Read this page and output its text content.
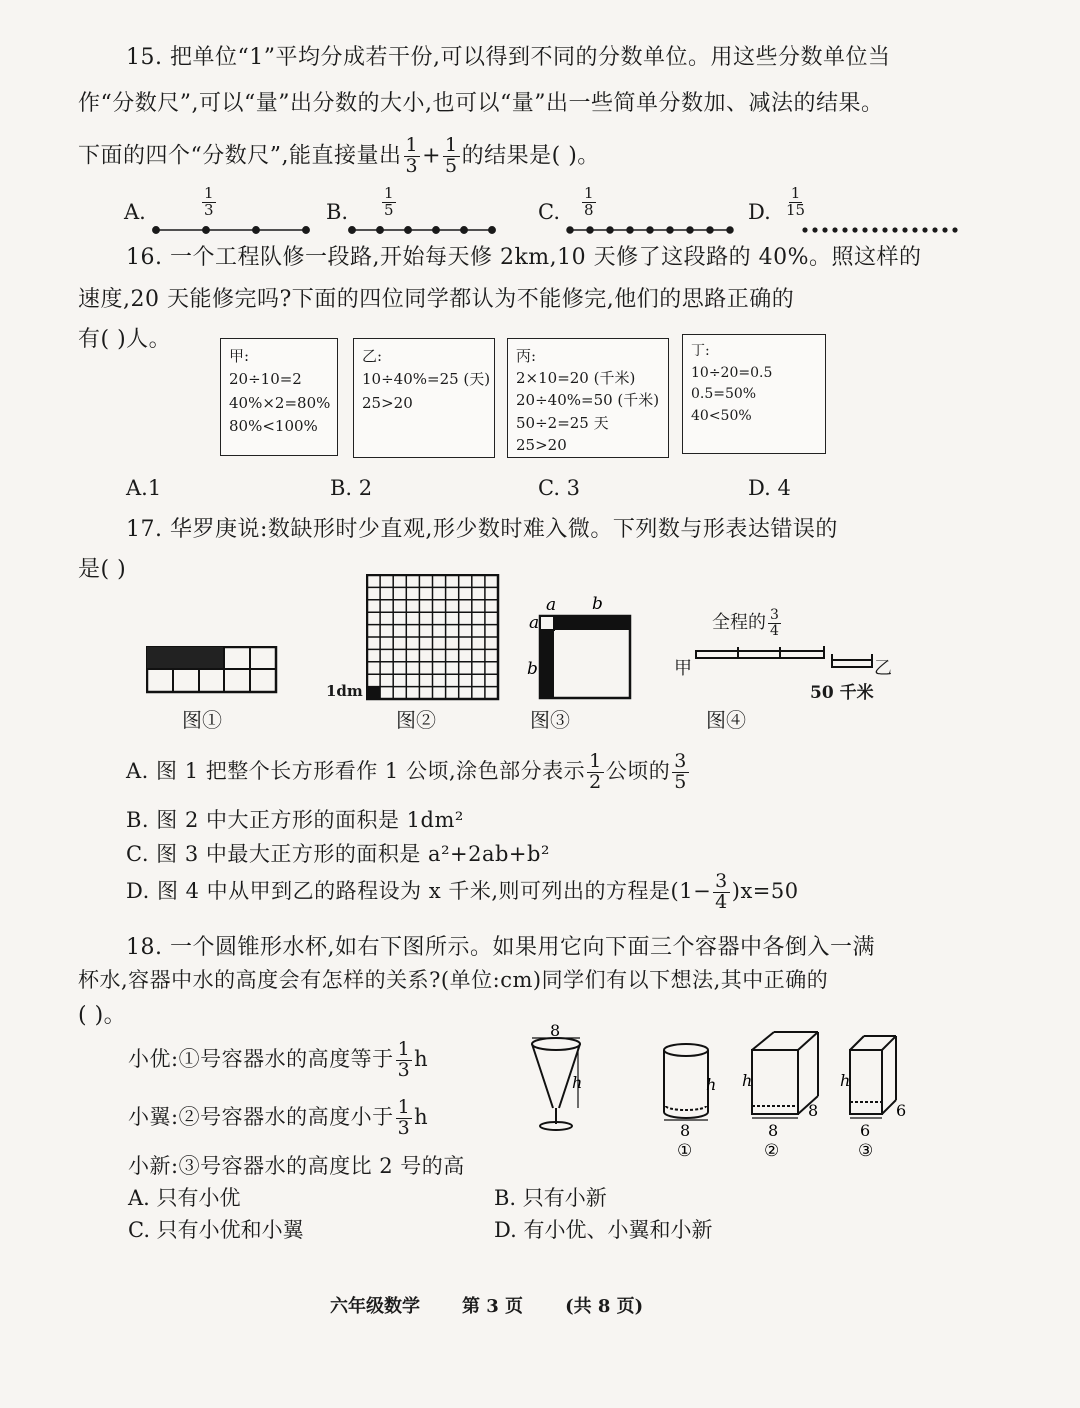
15. 把单位“1”平均分成若干份,可以得到不同的分数单位。用这些分数单位当
作“分数尺”,可以“量”出分数的大小,也可以“量”出一些简单分数加、减法的结果。
下面的四个“分数尺”,能直接量出 $\frac{1}{3} + \frac{1}{5}$ 的结果是( )。
A.	$\frac{1}{3}$	B. $\frac{1}{5}$	C. $\frac{1}{8}$	D. $\frac{1}{15}$
16. 一个工程队修一段路,开始每天修 2km,10 天修了这段路的 40%。照这样的
速度,20 天能修完吗?下面的四位同学都认为不能修完,他们的思路正确的
有( )人。
甲:
20÷10=2
40%×2=80%
80%<100%
乙:
10÷40%=25 (天)
25>20
丙:
2×10=20 (千米)
20÷40%=50 (千米)
50÷2=25 天
25>20
丁:
10÷20=0.5
0.5=50%
40<50%
A.1	B. 2	C. 3	D. 4
17. 华罗庚说:数缺形时少直观,形少数时难入微。下列数与形表达错误的
是( )
图①
1dm
图②
a b
a
b
图③
全程的 $\frac{3}{4}$
甲	乙
50 千米
图④
A. 图 1 把整个长方形看作 1 公顷,涂色部分表示 $\frac{1}{2}$ 公顷的 $\frac{3}{5}$
B. 图 2 中大正方形的面积是 1dm²
C. 图 3 中最大正方形的面积是 a²+2ab+b²
D. 图 4 中从甲到乙的路程设为 x 千米,则可列出的方程是$(1- \frac{3}{4} )x=50$
18. 一个圆锥形水杯,如右下图所示。如果用它向下面三个容器中各倒入一满
杯水,容器中水的高度会有怎样的关系?(单位:cm)同学们有以下想法,其中正确的
( )。
小优:①号容器水的高度等于 $\frac{1}{3}$ h
小翼:②号容器水的高度小于 $\frac{1}{3}$ h
小新:③号容器水的高度比 2 号的高
A. 只有小优	B. 只有小新
C. 只有小优和小翼	D. 有小优、小翼和小新
8
h	h
8
①
h
8
8
②
h
6
6
③
六年级数学 第 3 页 (共 8 页)
